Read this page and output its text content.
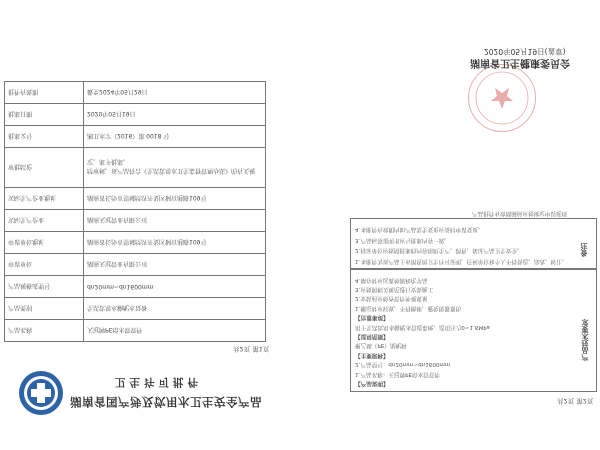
湖南省国产涉及饮用水卫生安全产品
卫生许可批件
共2页 第1页
产品名称	天冠牌PE给水管管件
产品类别	生活饮用水输配水设备
产品规格或型号	dn20mm~dn1600mm
申请单位	湖南天冠管业有限公司
申请单位地址	湖南省长沙市望城经济开发区铜官港路109号
实际生产企业	湖南天冠管业有限公司
实际生产企业地址	湖南省长沙市望城经济开发区铜官港路109号
审批结论	经审核，该产品符合《生活饮用水卫生监督管理办法》的有关规定，准予批准。
批准文号	湘卫水字（2016）第 0018 号
批准日期	2020年05月19日
批件有效期	截至2024年05月29日
共2页 第2页
产品技术要求
【产品说明】
1.产品名称：天冠牌PE给水管管件
2.产品型号：dn20mm~dn1600mm
【主要原料】
聚乙烯（PE）混配料
【适用范围】
用于生活饮用水输配水管道系统，适用压力0~1.6MPa
【注意事项】
1.搬运时应轻放，不得抛摔，避免锐器划伤
2.安装前应检查管件外观质量
3.应按照相关规范进行安装施工
4.储存时应远离热源和化学品
备注
1.本批件为该产品上市销售的卫生许可证明，任何单位和个人不得伪造、涂改、转让。
2.持证单位应按照批准的内容组织生产、销售，保证产品卫生安全。
3.产品标签说明书应与批准内容一致。
4.本批件有效期内如产品发生变更应及时申请变更。
产品批件有效期满前应按规定申请延续
湖南省卫生健康委员会
2020年05月19日(盖章)
